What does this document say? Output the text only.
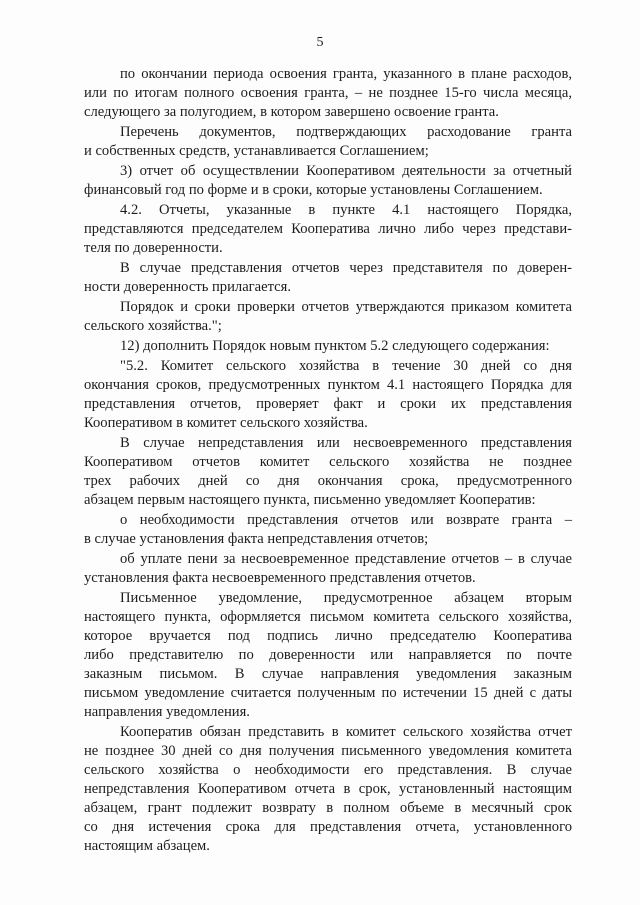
5
по окончании периода освоения гранта, указанного в плане расходов,
или по итогам полного освоения гранта, – не позднее 15-го числа месяца,
следующего за полугодием, в котором завершено освоение гранта.
Перечень документов, подтверждающих расходование гранта
и собственных средств, устанавливается Соглашением;
3) отчет об осуществлении Кооперативом деятельности за отчетный
финансовый год по форме и в сроки, которые установлены Соглашением.
4.2. Отчеты, указанные в пункте 4.1 настоящего Порядка,
представляются председателем Кооператива лично либо через представи-
теля по доверенности.
В случае представления отчетов через представителя по доверен-
ности доверенность прилагается.
Порядок и сроки проверки отчетов утверждаются приказом комитета
сельского хозяйства.";
12) дополнить Порядок новым пунктом 5.2 следующего содержания:
"5.2. Комитет сельского хозяйства в течение 30 дней со дня
окончания сроков, предусмотренных пунктом 4.1 настоящего Порядка для
представления отчетов, проверяет факт и сроки их представления
Кооперативом в комитет сельского хозяйства.
В случае непредставления или несвоевременного представления
Кооперативом отчетов комитет сельского хозяйства не позднее
трех рабочих дней со дня окончания срока, предусмотренного
абзацем первым настоящего пункта, письменно уведомляет Кооператив:
о необходимости представления отчетов или возврате гранта –
в случае установления факта непредставления отчетов;
об уплате пени за несвоевременное представление отчетов – в случае
установления факта несвоевременного представления отчетов.
Письменное уведомление, предусмотренное абзацем вторым
настоящего пункта, оформляется письмом комитета сельского хозяйства,
которое вручается под подпись лично председателю Кооператива
либо представителю по доверенности или направляется по почте
заказным письмом. В случае направления уведомления заказным
письмом уведомление считается полученным по истечении 15 дней с даты
направления уведомления.
Кооператив обязан представить в комитет сельского хозяйства отчет
не позднее 30 дней со дня получения письменного уведомления комитета
сельского хозяйства о необходимости его представления. В случае
непредставления Кооперативом отчета в срок, установленный настоящим
абзацем, грант подлежит возврату в полном объеме в месячный срок
со дня истечения срока для представления отчета, установленного
настоящим абзацем.
